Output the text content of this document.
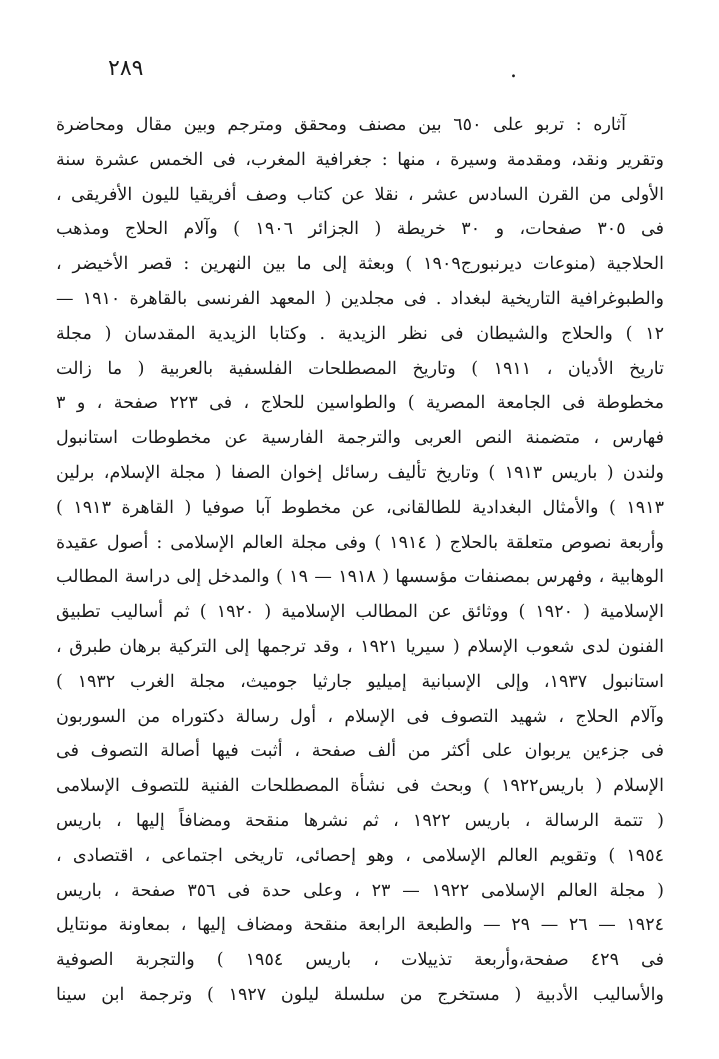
٢٨٩	.
آثاره : تربو على ٦٥٠ بين مصنف ومحقق ومترجم وبين مقال ومحاضرة
وتقرير ونقد، ومقدمة وسيرة ، منها : جغرافية المغرب، فى الخمس عشرة سنة
الأولى من القرن السادس عشر ، نقلا عن كتاب وصف أفريقيا لليون الأفريقى ،
فى ٣٠٥ صفحات، و ٣٠ خريطة ( الجزائر ١٩٠٦ ) وآلام الحلاج ومذهب
الحلاجية (منوعات ديرنبورج١٩٠٩ ) وبعثة إلى ما بين النهرين : قصر الأخيضر ،
والطبوغرافية التاريخية لبغداد . فى مجلدين ( المعهد الفرنسى بالقاهرة ١٩١٠ —
١٢ ) والحلاج والشيطان فى نظر الزيدية . وكتابا الزيدية المقدسان ( مجلة
تاريخ الأديان ، ١٩١١ ) وتاريخ المصطلحات الفلسفية بالعربية ( ما زالت
مخطوطة فى الجامعة المصرية ) والطواسين للحلاج ، فى ٢٢٣ صفحة ، و ٣
فهارس ، متضمنة النص العربى والترجمة الفارسية عن مخطوطات استانبول
ولندن ( باريس ١٩١٣ ) وتاريخ تأليف رسائل إخوان الصفا ( مجلة الإسلام، برلين
١٩١٣ ) والأمثال البغدادية للطالقانى، عن مخطوط آبا صوفيا ( القاهرة ١٩١٣ )
وأربعة نصوص متعلقة بالحلاج ( ١٩١٤ ) وفى مجلة العالم الإسلامى : أصول عقيدة
الوهابية ، وفهرس بمصنفات مؤسسها ( ١٩١٨ — ١٩ ) والمدخل إلى دراسة المطالب
الإسلامية ( ١٩٢٠ ) ووثائق عن المطالب الإسلامية ( ١٩٢٠ ) ثم أساليب تطبيق
الفنون لدى شعوب الإسلام ( سيريا ١٩٢١ ، وقد ترجمها إلى التركية برهان طبرق ،
استانبول ١٩٣٧، وإلى الإسبانية إميليو جارثيا جوميث، مجلة الغرب ١٩٣٢ )
وآلام الحلاج ، شهيد التصوف فى الإسلام ، أول رسالة دكتوراه من السوربون
فى جزءين يربوان على أكثر من ألف صفحة ، أثبت فيها أصالة التصوف فى
الإسلام ( باريس١٩٢٢ ) وبحث فى نشأة المصطلحات الفنية للتصوف الإسلامى
( تتمة الرسالة ، باريس ١٩٢٢ ، ثم نشرها منقحة ومضافاً إليها ، باريس
١٩٥٤ ) وتقويم العالم الإسلامى ، وهو إحصائى، تاريخى اجتماعى ، اقتصادى ،
( مجلة العالم الإسلامى ١٩٢٢ — ٢٣ ، وعلى حدة فى ٣٥٦ صفحة ، باريس
١٩٢٤ — ٢٦ — ٢٩ — والطبعة الرابعة منقحة ومضاف إليها ، بمعاونة مونتايل
فى ٤٢٩ صفحة،وأربعة تذييلات ، باريس ١٩٥٤ ) والتجربة الصوفية
والأساليب الأدبية ( مستخرج من سلسلة ليلون ١٩٢٧ ) وترجمة ابن سينا
